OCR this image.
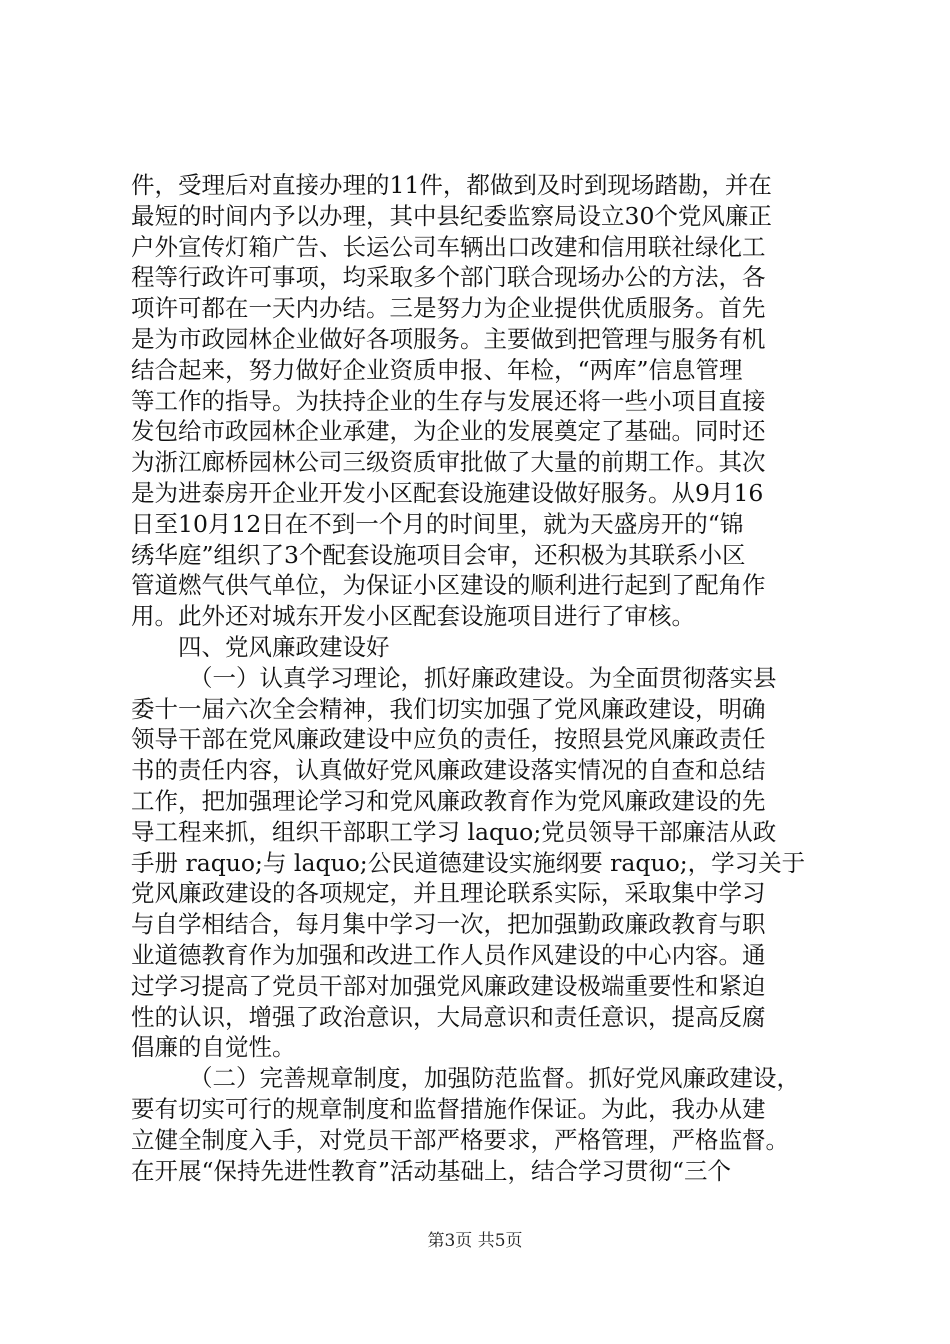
件，受理后对直接办理的11件，都做到及时到现场踏勘，并在
最短的时间内予以办理，其中县纪委监察局设立30个党风廉正
户外宣传灯箱广告、长运公司车辆出口改建和信用联社绿化工
程等行政许可事项，均采取多个部门联合现场办公的方法，各
项许可都在一天内办结。三是努力为企业提供优质服务。首先
是为市政园林企业做好各项服务。主要做到把管理与服务有机
结合起来，努力做好企业资质申报、年检，“两库”信息管理
等工作的指导。为扶持企业的生存与发展还将一些小项目直接
发包给市政园林企业承建，为企业的发展奠定了基础。同时还
为浙江廊桥园林公司三级资质审批做了大量的前期工作。其次
是为进泰房开企业开发小区配套设施建设做好服务。从9月16
日至10月12日在不到一个月的时间里，就为天盛房开的“锦
绣华庭”组织了3个配套设施项目会审，还积极为其联系小区
管道燃气供气单位，为保证小区建设的顺利进行起到了配角作
用。此外还对城东开发小区配套设施项目进行了审核。
四、党风廉政建设好
（一）认真学习理论，抓好廉政建设。为全面贯彻落实县
委十一届六次全会精神，我们切实加强了党风廉政建设，明确
领导干部在党风廉政建设中应负的责任，按照县党风廉政责任
书的责任内容，认真做好党风廉政建设落实情况的自查和总结
工作，把加强理论学习和党风廉政教育作为党风廉政建设的先
导工程来抓，组织干部职工学习 laquo;党员领导干部廉洁从政
手册 raquo;与 laquo;公民道德建设实施纲要 raquo;，学习关于
党风廉政建设的各项规定，并且理论联系实际，采取集中学习
与自学相结合，每月集中学习一次，把加强勤政廉政教育与职
业道德教育作为加强和改进工作人员作风建设的中心内容。通
过学习提高了党员干部对加强党风廉政建设极端重要性和紧迫
性的认识，增强了政治意识，大局意识和责任意识，提高反腐
倡廉的自觉性。
（二）完善规章制度，加强防范监督。抓好党风廉政建设，
要有切实可行的规章制度和监督措施作保证。为此，我办从建
立健全制度入手，对党员干部严格要求，严格管理，严格监督。
在开展“保持先进性教育”活动基础上，结合学习贯彻“三个
第3页 共5页
